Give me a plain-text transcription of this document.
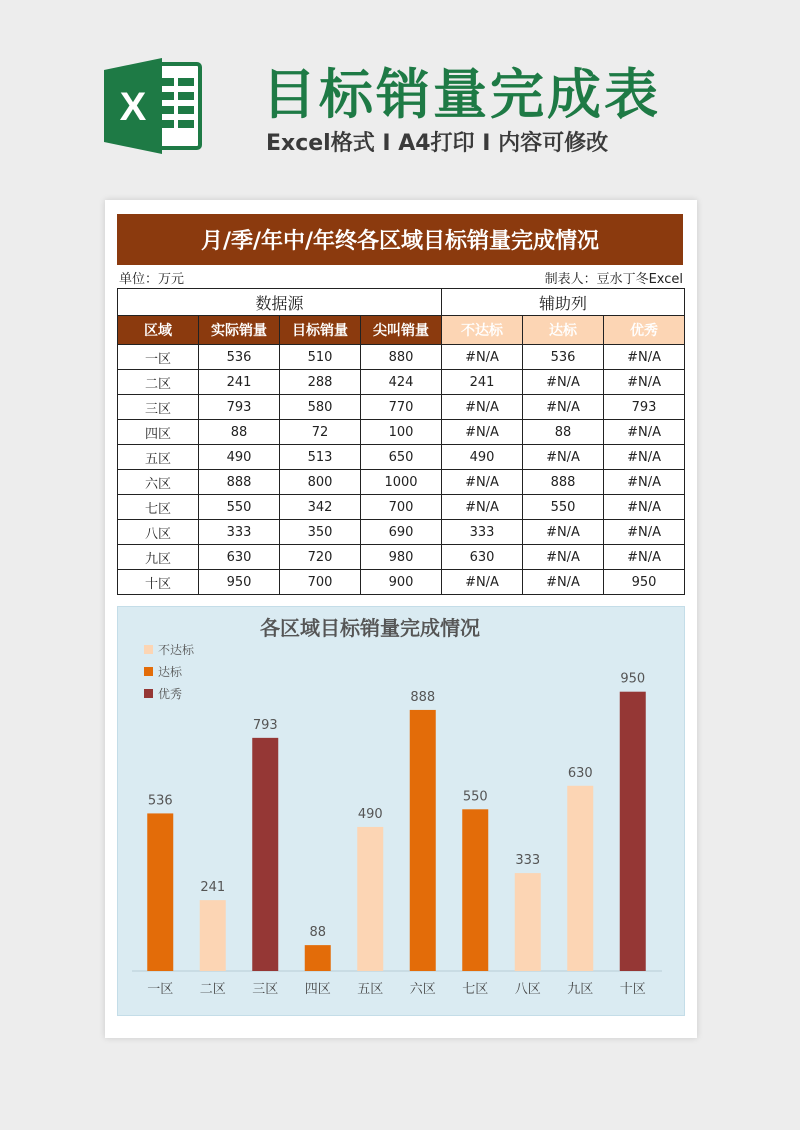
X 目标销量完成表
Excel格式 I A4打印 I 内容可修改
月/季/年中/年终各区域目标销量完成情况
单位：万元	制表人：豆水丁冬Excel
数据源				辅助列		
区域	实际销量	目标销量	尖叫销量	不达标	达标	优秀
一区	536	510	880	#N/A	536	#N/A
二区	241	288	424	241	#N/A	#N/A
三区	793	580	770	#N/A	#N/A	793
四区	88	72	100	#N/A	88	#N/A
五区	490	513	650	490	#N/A	#N/A
六区	888	800	1000	#N/A	888	#N/A
七区	550	342	700	#N/A	550	#N/A
八区	333	350	690	333	#N/A	#N/A
九区	630	720	980	630	#N/A	#N/A
十区	950	700	900	#N/A	#N/A	950
各区域目标销量完成情况
不达标
达标
优秀
536
一区
241
二区
793
三区
88
四区
490
五区
888
六区
550
七区
333
八区
630
九区
950
十区
